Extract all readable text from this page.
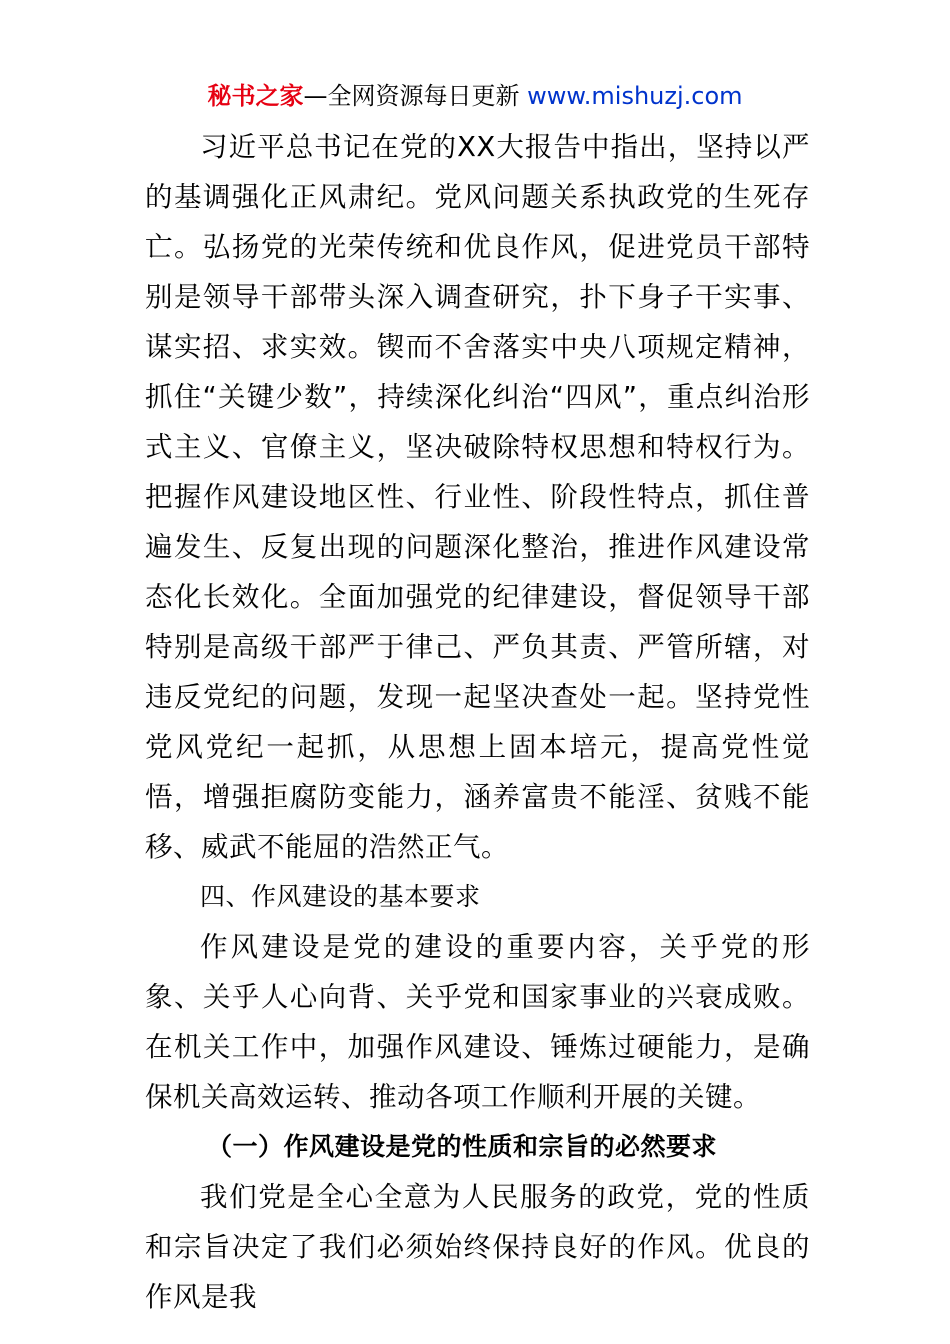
秘书之家—全网资源每日更新 www.mishuzj.com

习近平总书记在党的XX大报告中指出，坚持以严的基调强化正风肃纪。党风问题关系执政党的生死存亡。弘扬党的光荣传统和优良作风，促进党员干部特别是领导干部带头深入调查研究，扑下身子干实事、谋实招、求实效。锲而不舍落实中央八项规定精神，抓住“关键少数”，持续深化纠治“四风”，重点纠治形式主义、官僚主义，坚决破除特权思想和特权行为。把握作风建设地区性、行业性、阶段性特点，抓住普遍发生、反复出现的问题深化整治，推进作风建设常态化长效化。全面加强党的纪律建设，督促领导干部特别是高级干部严于律己、严负其责、严管所辖，对违反党纪的问题，发现一起坚决查处一起。坚持党性党风党纪一起抓，从思想上固本培元，提高党性觉悟，增强拒腐防变能力，涵养富贵不能淫、贫贱不能移、威武不能屈的浩然正气。

四、作风建设的基本要求

作风建设是党的建设的重要内容，关乎党的形象、关乎人心向背、关乎党和国家事业的兴衰成败。在机关工作中，加强作风建设、锤炼过硬能力，是确保机关高效运转、推动各项工作顺利开展的关键。

（一）作风建设是党的性质和宗旨的必然要求

我们党是全心全意为人民服务的政党，党的性质和宗旨决定了我们必须始终保持良好的作风。优良的作风是我
